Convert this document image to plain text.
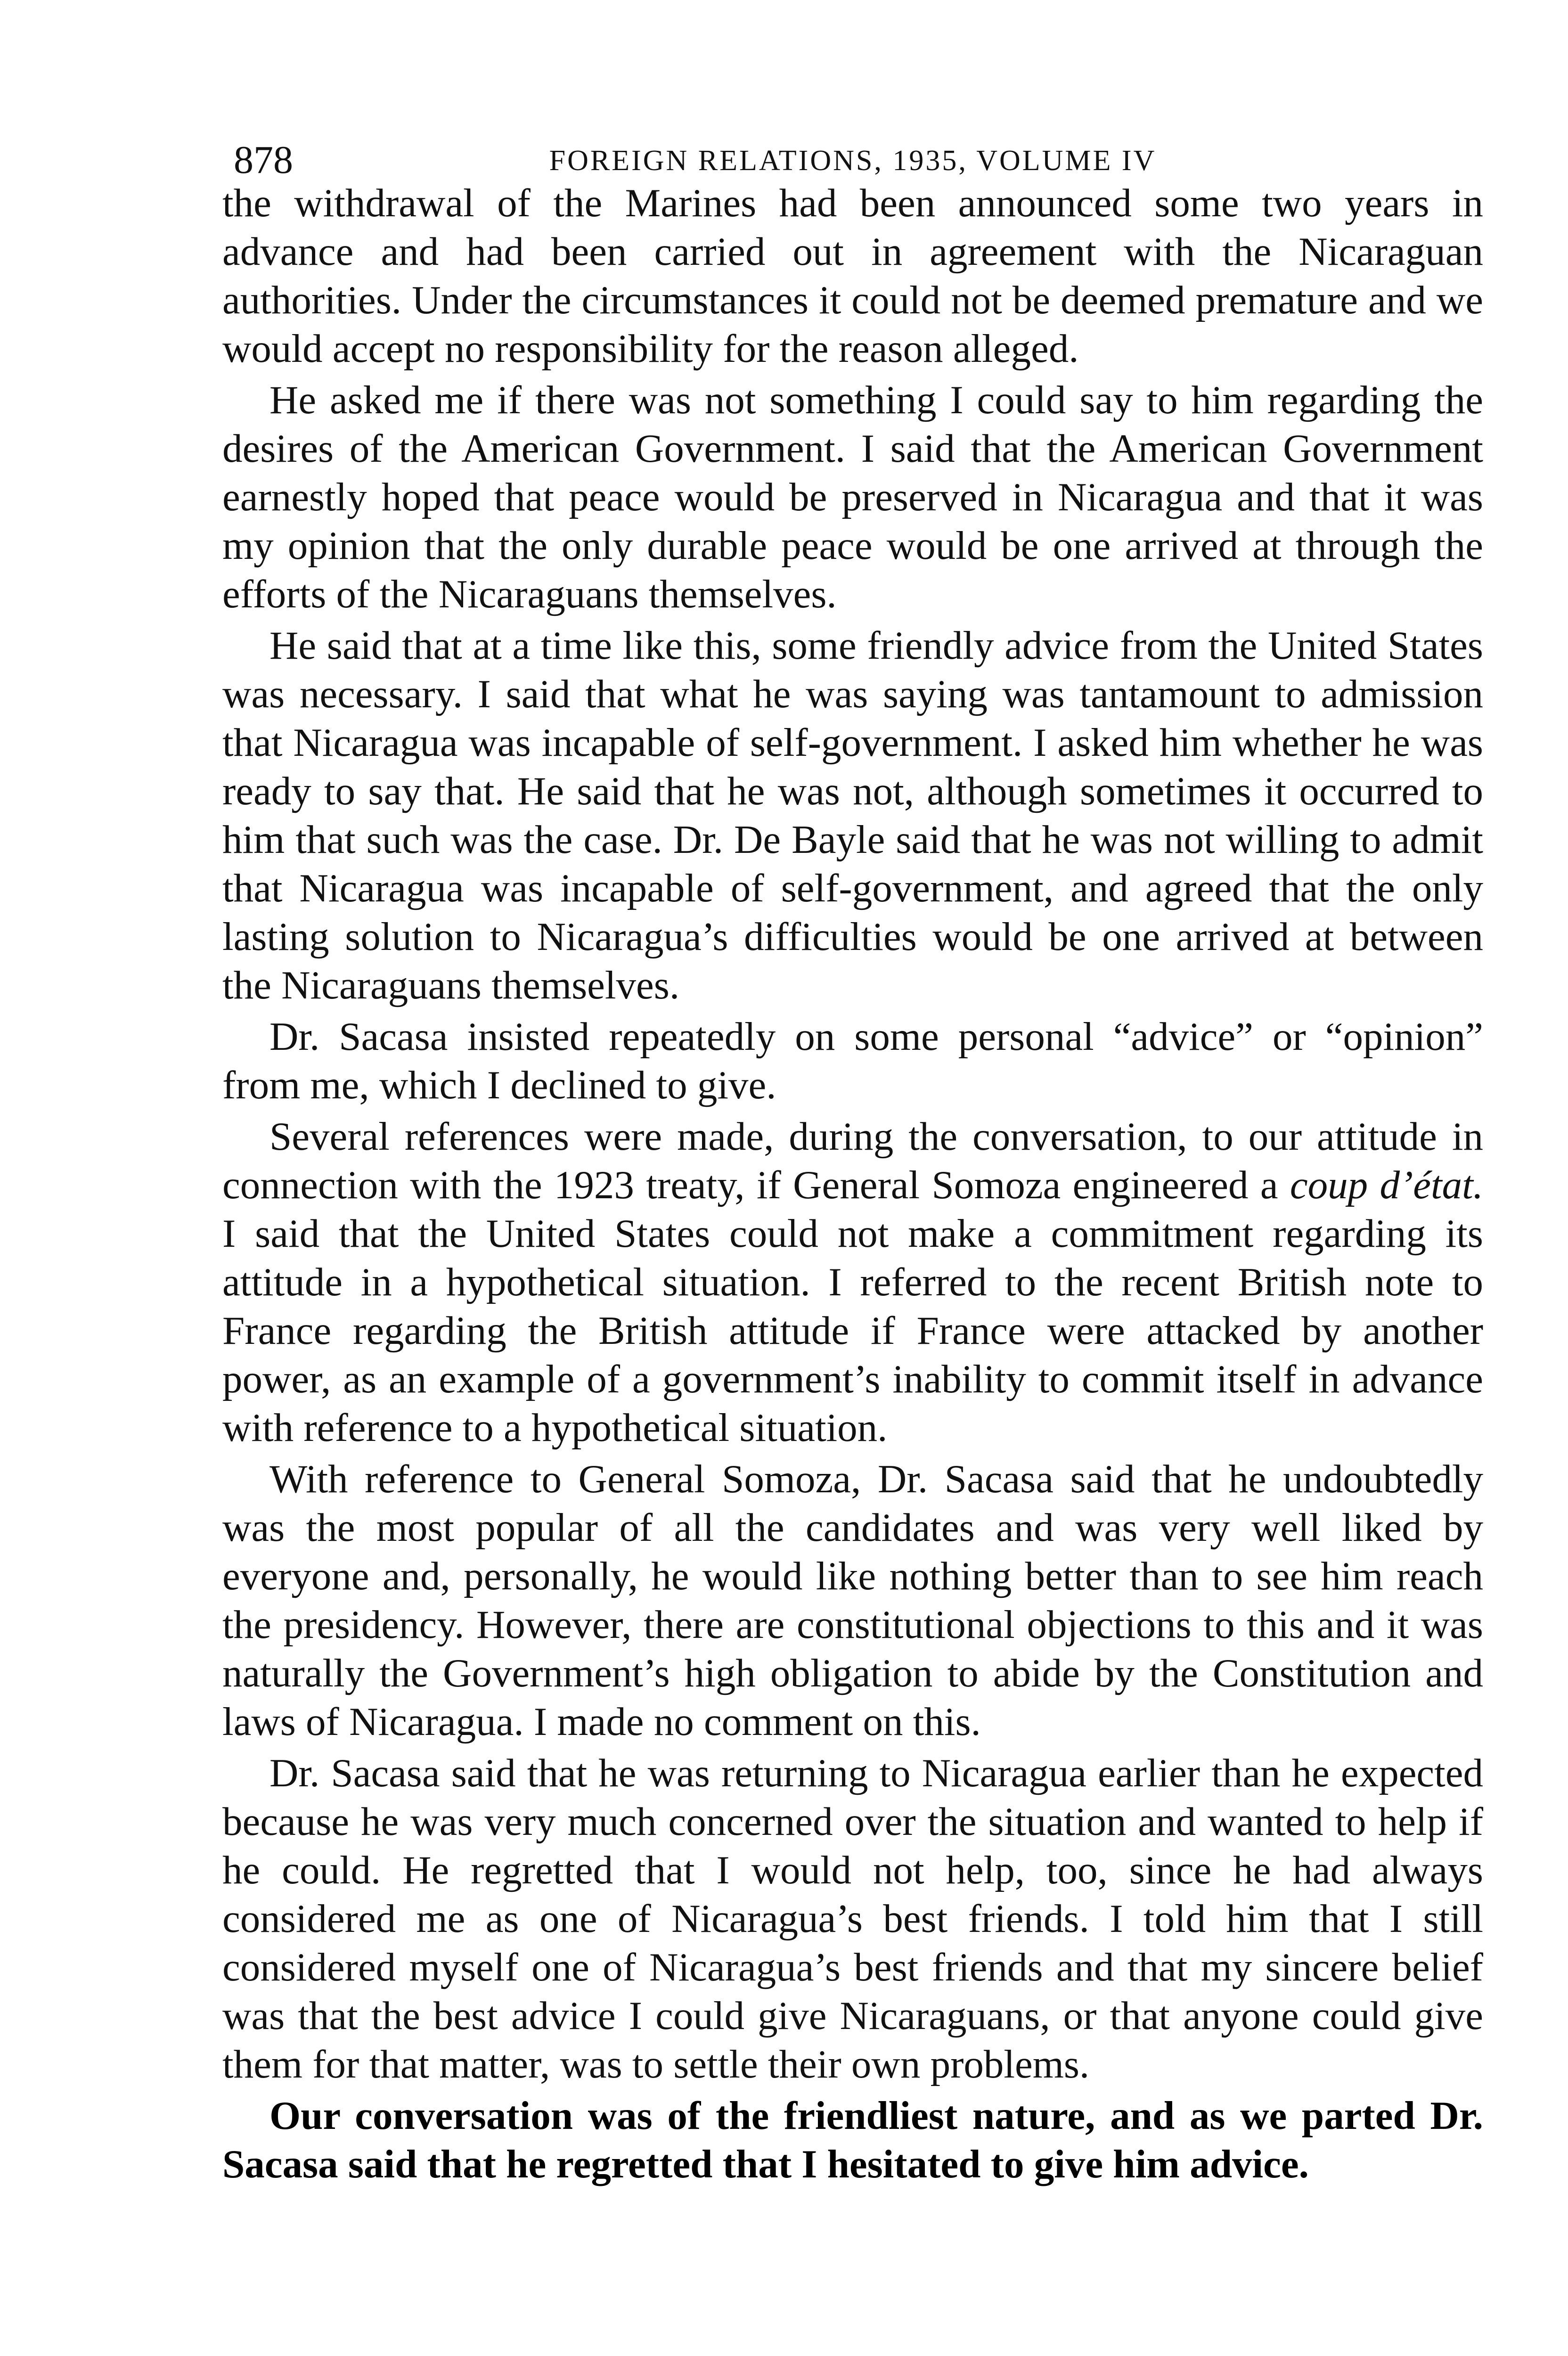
878	FOREIGN RELATIONS, 1935, VOLUME IV

the withdrawal of the Marines had been announced some two years in advance and had been carried out in agreement with the Nicaraguan authorities. Under the circumstances it could not be deemed premature and we would accept no responsibility for the reason alleged.

He asked me if there was not something I could say to him regarding the desires of the American Government. I said that the American Government earnestly hoped that peace would be preserved in Nicaragua and that it was my opinion that the only durable peace would be one arrived at through the efforts of the Nicaraguans themselves.

He said that at a time like this, some friendly advice from the United States was necessary. I said that what he was saying was tantamount to admission that Nicaragua was incapable of self-government. I asked him whether he was ready to say that. He said that he was not, although sometimes it occurred to him that such was the case. Dr. De Bayle said that he was not willing to admit that Nicaragua was incapable of self-government, and agreed that the only lasting solution to Nicaragua’s difficulties would be one arrived at between the Nicaraguans themselves.

Dr. Sacasa insisted repeatedly on some personal “advice” or “opinion” from me, which I declined to give.

Several references were made, during the conversation, to our attitude in connection with the 1923 treaty, if General Somoza engineered a coup d’état. I said that the United States could not make a commitment regarding its attitude in a hypothetical situation. I referred to the recent British note to France regarding the British attitude if France were attacked by another power, as an example of a government’s inability to commit itself in advance with reference to a hypothetical situation.

With reference to General Somoza, Dr. Sacasa said that he undoubtedly was the most popular of all the candidates and was very well liked by everyone and, personally, he would like nothing better than to see him reach the presidency. However, there are constitutional objections to this and it was naturally the Government’s high obligation to abide by the Constitution and laws of Nicaragua. I made no comment on this.

Dr. Sacasa said that he was returning to Nicaragua earlier than he expected because he was very much concerned over the situation and wanted to help if he could. He regretted that I would not help, too, since he had always considered me as one of Nicaragua’s best friends. I told him that I still considered myself one of Nicaragua’s best friends and that my sincere belief was that the best advice I could give Nicaraguans, or that anyone could give them for that matter, was to settle their own problems.

Our conversation was of the friendliest nature, and as we parted Dr. Sacasa said that he regretted that I hesitated to give him advice.
